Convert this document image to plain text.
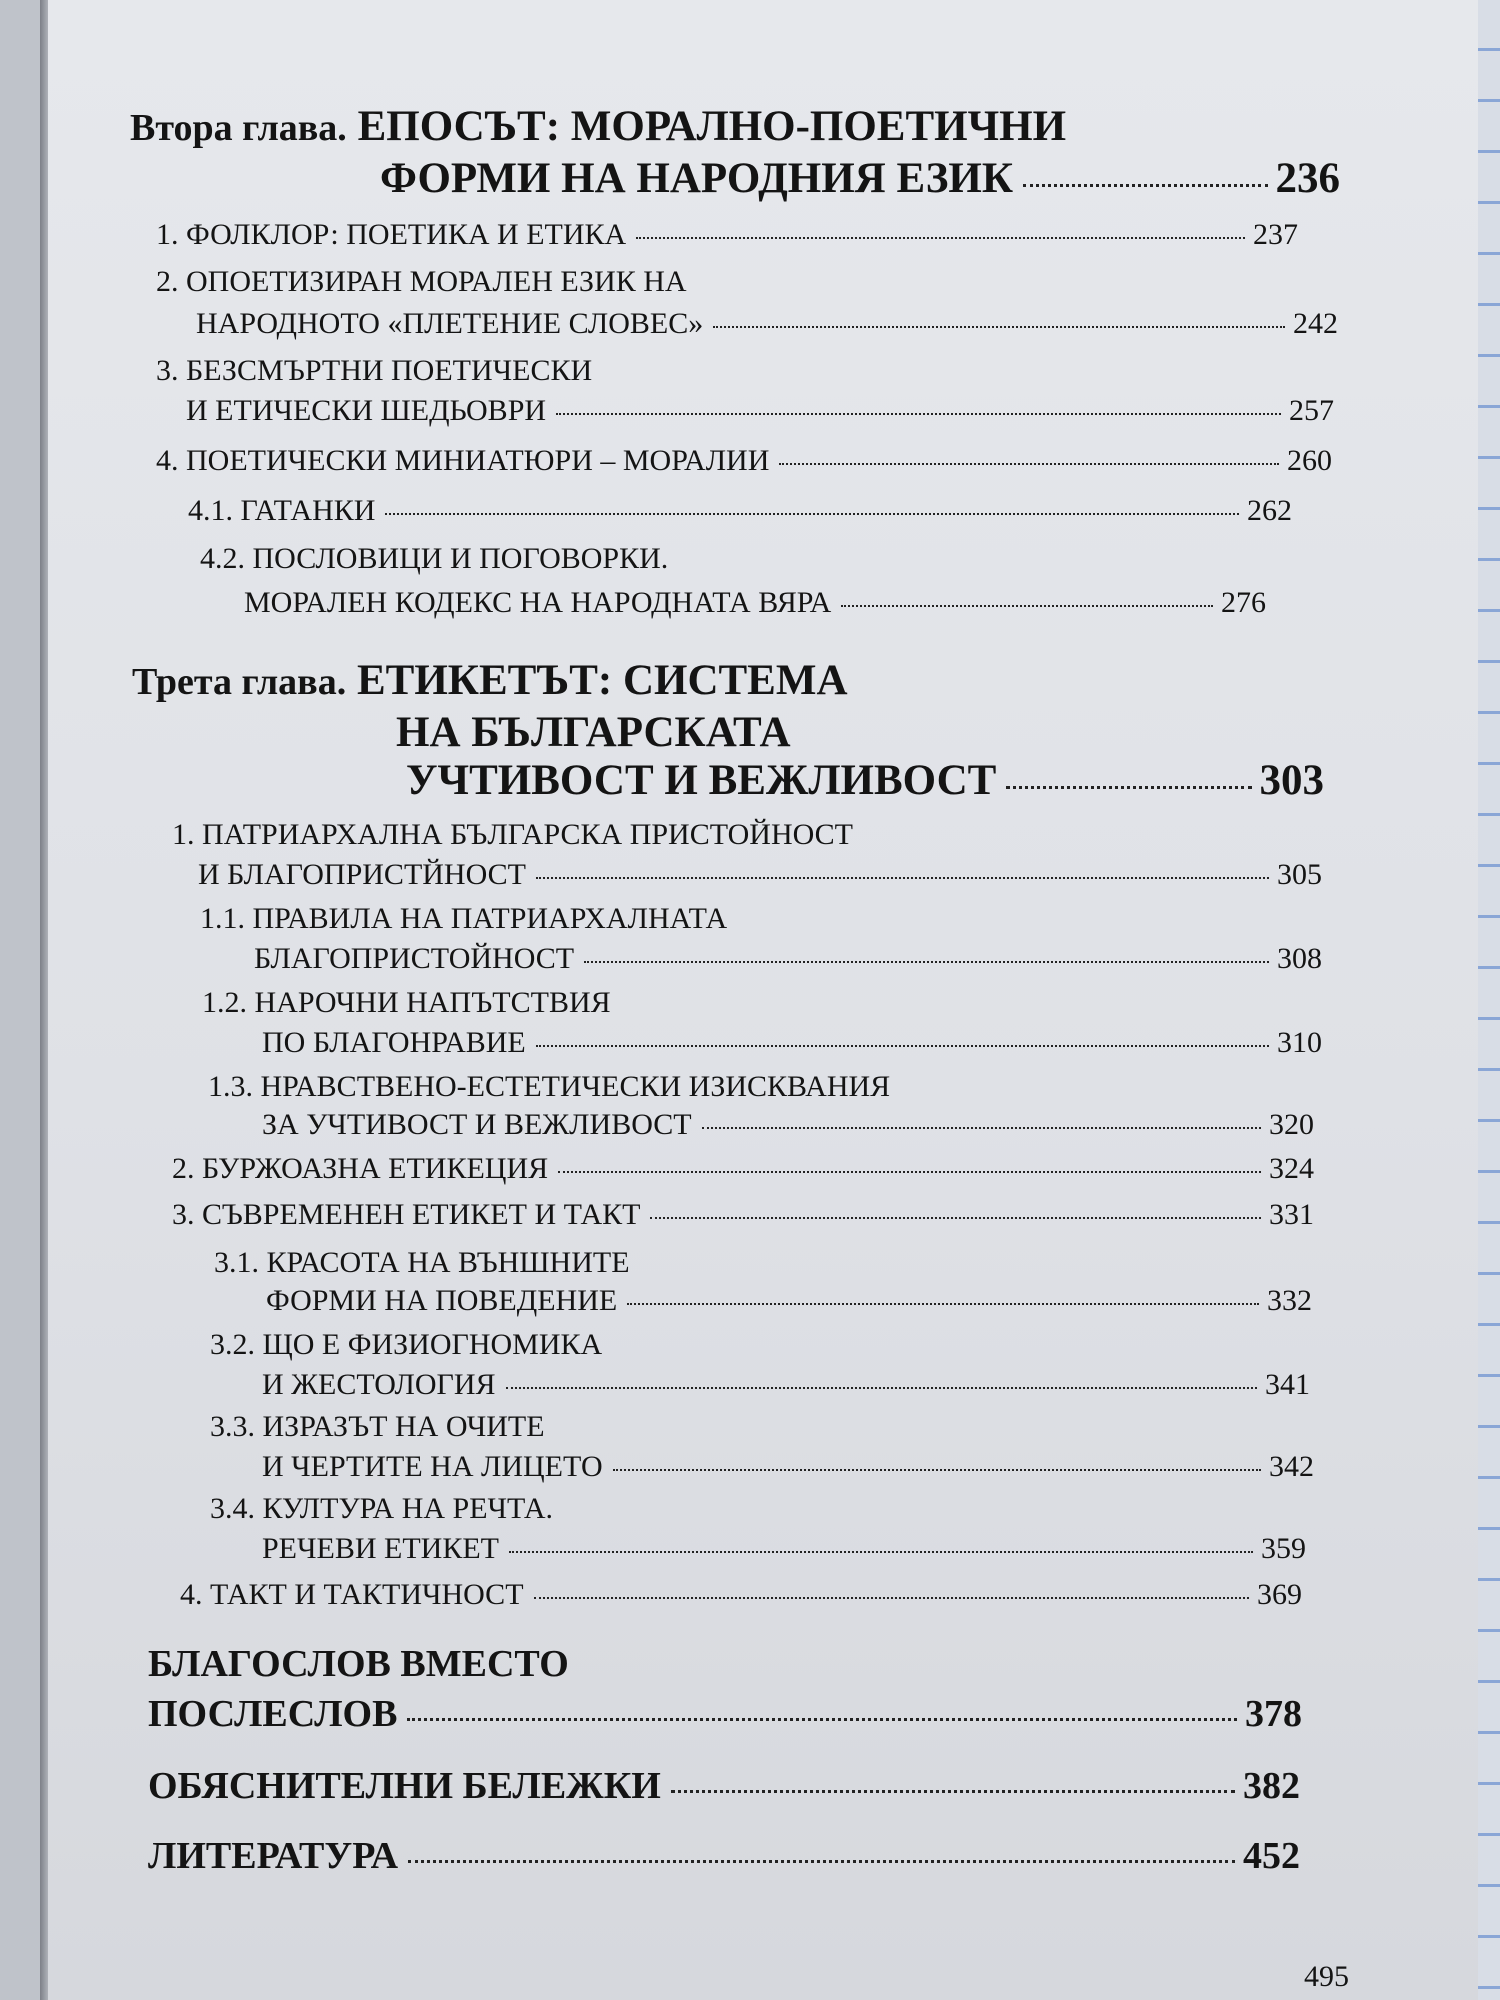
Втора глава. ЕПОСЪТ: МОРАЛНО-ПОЕТИЧНИ
ФОРМИ НА НАРОДНИЯ ЕЗИК	236
1. ФОЛКЛОР: ПОЕТИКА И ЕТИКА	237
2. ОПОЕТИЗИРАН МОРАЛЕН ЕЗИК НА
НАРОДНОТО «ПЛЕТЕНИЕ СЛОВЕС»	242
3. БЕЗСМЪРТНИ ПОЕТИЧЕСКИ
И ЕТИЧЕСКИ ШЕДЬОВРИ	257
4. ПОЕТИЧЕСКИ МИНИАТЮРИ – МОРАЛИИ	260
4.1. ГАТАНКИ	262
4.2. ПОСЛОВИЦИ И ПОГОВОРКИ.
МОРАЛЕН КОДЕКС НА НАРОДНАТА ВЯРА	276
Трета глава. ЕТИКЕТЪТ: СИСТЕМА
НА БЪЛГАРСКАТА
УЧТИВОСТ И ВЕЖЛИВОСТ	303
1. ПАТРИАРХАЛНА БЪЛГАРСКА ПРИСТОЙНОСТ
И БЛАГОПРИСТЙНОСТ	305
1.1. ПРАВИЛА НА ПАТРИАРХАЛНАТА
БЛАГОПРИСТОЙНОСТ	308
1.2. НАРОЧНИ НАПЪТСТВИЯ
ПО БЛАГОНРАВИЕ	310
1.3. НРАВСТВЕНО-ЕСТЕТИЧЕСКИ ИЗИСКВАНИЯ
ЗА УЧТИВОСТ И ВЕЖЛИВОСТ	320
2. БУРЖОАЗНА ЕТИКЕЦИЯ	324
3. СЪВРЕМЕНЕН ЕТИКЕТ И ТАКТ	331
3.1. КРАСОТА НА ВЪНШНИТЕ
ФОРМИ НА ПОВЕДЕНИЕ	332
3.2. ЩО Е ФИЗИОГНОМИКА
И ЖЕСТОЛОГИЯ	341
3.3. ИЗРАЗЪТ НА ОЧИТЕ
И ЧЕРТИТЕ НА ЛИЦЕТО	342
3.4. КУЛТУРА НА РЕЧТА.
РЕЧЕВИ ЕТИКЕТ	359
4. ТАКТ И ТАКТИЧНОСТ	369
БЛАГОСЛОВ ВМЕСТО
ПОСЛЕСЛОВ	378
ОБЯСНИТЕЛНИ БЕЛЕЖКИ	382
ЛИТЕРАТУРА	452
495
